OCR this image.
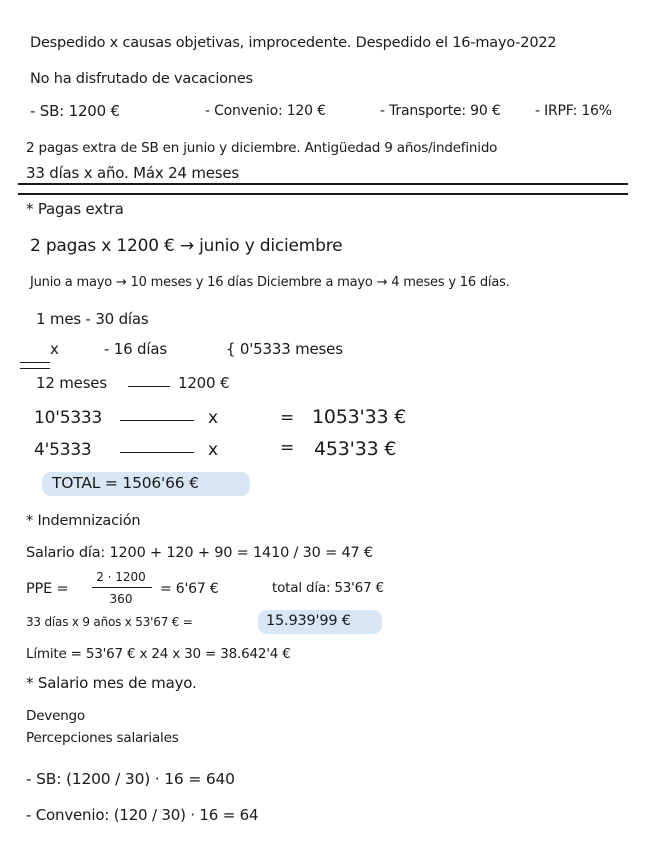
Despedido x causas objetivas, improcedente. Despedido el 16-mayo-2022
No ha disfrutado de vacaciones
- SB: 1200 €	- Convenio: 120 €	- Transporte: 90 € - IRPF: 16%
2 pagas extra de SB en junio y diciembre. Antigüedad 9 años/indefinido
33 días x año. Máx 24 meses
* Pagas extra
2 pagas x 1200 € → junio y diciembre
Junio a mayo → 10 meses y 16 días Diciembre a mayo → 4 meses y 16 días.
1 mes - 30 días
x	- 16 días	{ 0'5333 meses
12 meses	1200 €
10'5333	x	= 1053'33 €
4'5333	x	= 453'33 €
TOTAL = 1506'66 €
* Indemnización
Salario día: 1200 + 120 + 90 = 1410 / 30 = 47 €
PPE =
2 · 1200
360
= 6'67 €	total día: 53'67 €
33 días x 9 años x 53'67 € =	15.939'99 €
Límite = 53'67 € x 24 x 30 = 38.642'4 €
* Salario mes de mayo.
Devengo
Percepciones salariales
- SB: (1200 / 30) · 16 = 640
- Convenio: (120 / 30) · 16 = 64
